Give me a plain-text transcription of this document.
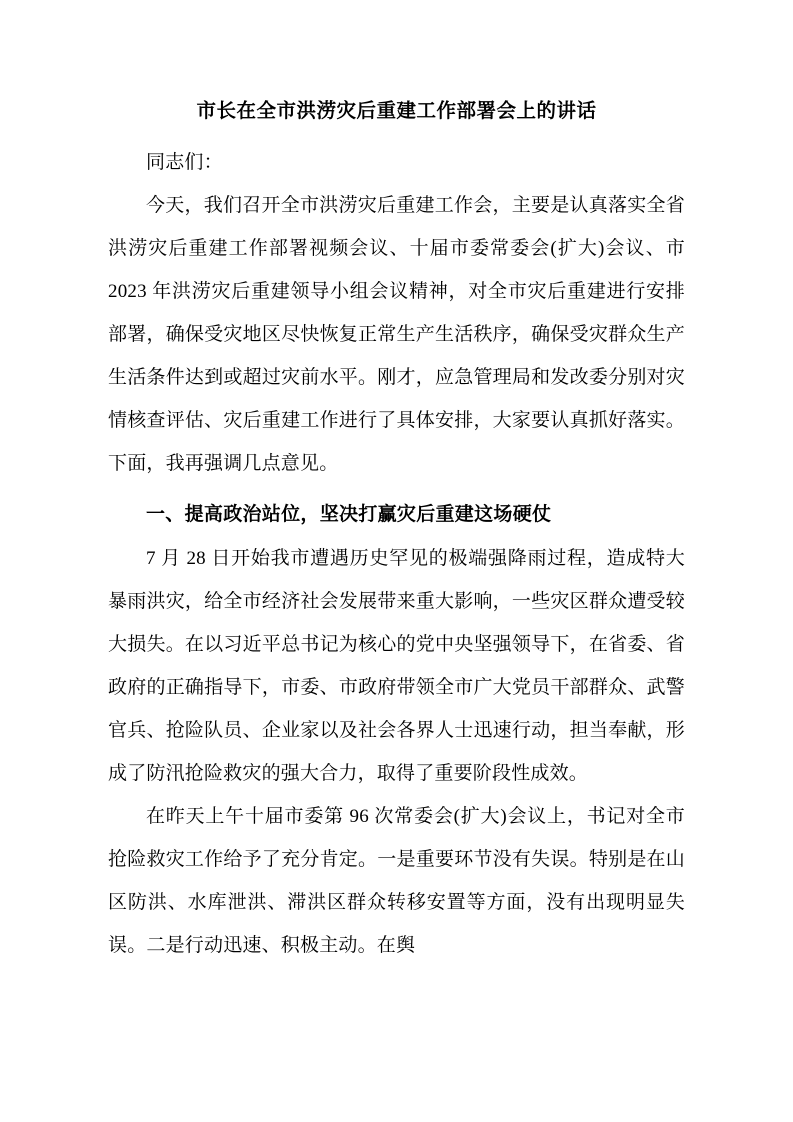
市长在全市洪涝灾后重建工作部署会上的讲话

同志们：

今天，我们召开全市洪涝灾后重建工作会，主要是认真落实全省洪涝灾后重建工作部署视频会议、十届市委常委会(扩大)会议、市 2023 年洪涝灾后重建领导小组会议精神，对全市灾后重建进行安排部署，确保受灾地区尽快恢复正常生产生活秩序，确保受灾群众生产生活条件达到或超过灾前水平。刚才，应急管理局和发改委分别对灾情核查评估、灾后重建工作进行了具体安排，大家要认真抓好落实。下面，我再强调几点意见。

一、提高政治站位，坚决打赢灾后重建这场硬仗

7 月 28 日开始我市遭遇历史罕见的极端强降雨过程，造成特大暴雨洪灾，给全市经济社会发展带来重大影响，一些灾区群众遭受较大损失。在以习近平总书记为核心的党中央坚强领导下，在省委、省政府的正确指导下，市委、市政府带领全市广大党员干部群众、武警官兵、抢险队员、企业家以及社会各界人士迅速行动，担当奉献，形成了防汛抢险救灾的强大合力，取得了重要阶段性成效。

在昨天上午十届市委第 96 次常委会(扩大)会议上，书记对全市抢险救灾工作给予了充分肯定。一是重要环节没有失误。特别是在山区防洪、水库泄洪、滞洪区群众转移安置等方面，没有出现明显失误。二是行动迅速、积极主动。在舆
